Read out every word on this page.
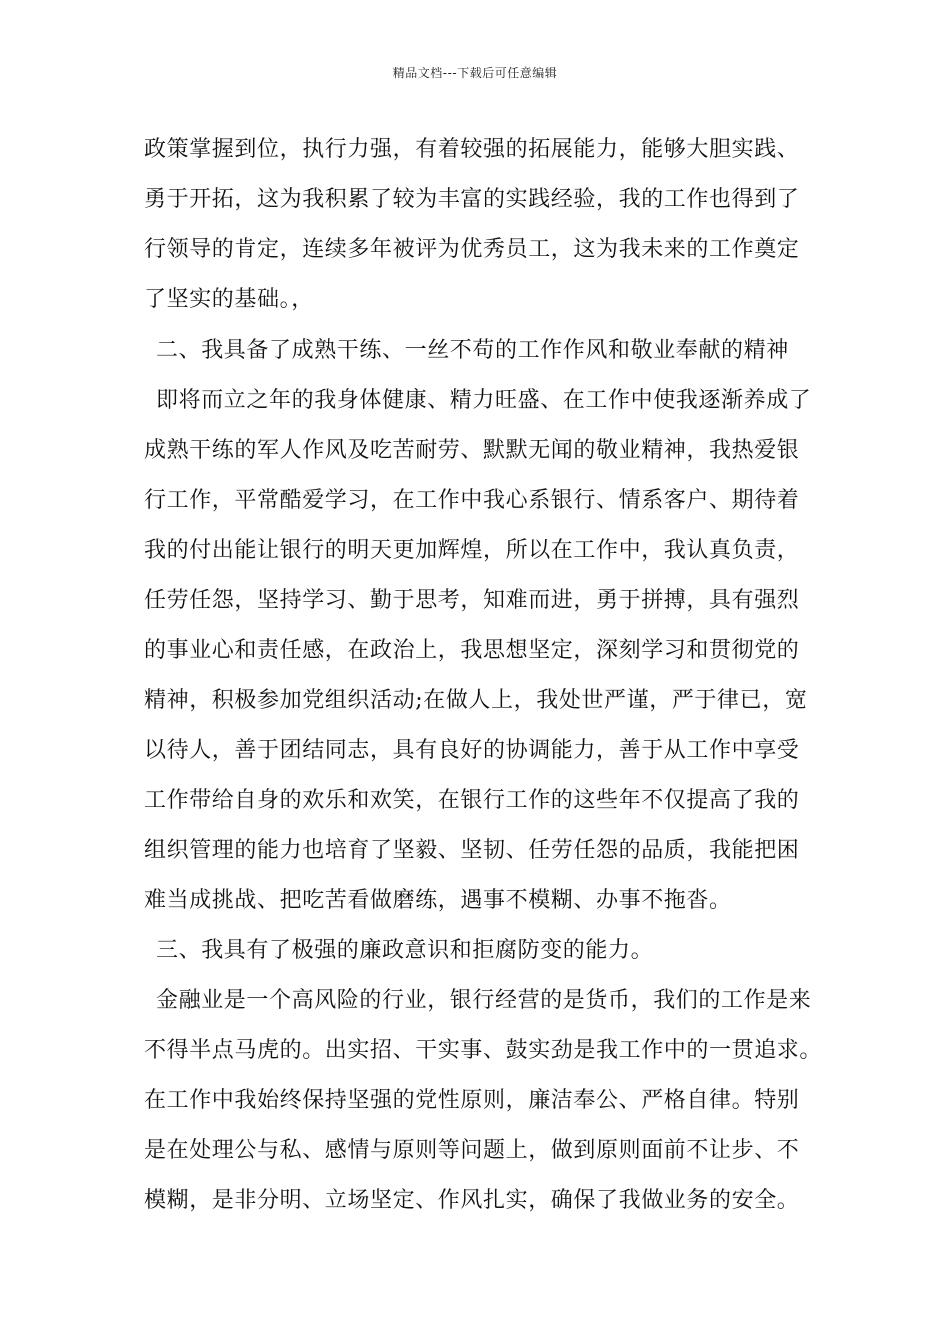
精品文档---下载后可任意编辑
政策掌握到位，执行力强，有着较强的拓展能力，能够大胆实践、
勇于开拓，这为我积累了较为丰富的实践经验，我的工作也得到了
行领导的肯定，连续多年被评为优秀员工，这为我未来的工作奠定
了坚实的基础。，
二、我具备了成熟干练、一丝不苟的工作作风和敬业奉献的精神
即将而立之年的我身体健康、精力旺盛、在工作中使我逐渐养成了
成熟干练的军人作风及吃苦耐劳、默默无闻的敬业精神，我热爱银
行工作，平常酷爱学习，在工作中我心系银行、情系客户、期待着
我的付出能让银行的明天更加辉煌，所以在工作中，我认真负责，
任劳任怨，坚持学习、勤于思考，知难而进，勇于拼搏，具有强烈
的事业心和责任感，在政治上，我思想坚定，深刻学习和贯彻党的
精神，积极参加党组织活动;在做人上，我处世严谨，严于律已，宽
以待人，善于团结同志，具有良好的协调能力，善于从工作中享受
工作带给自身的欢乐和欢笑，在银行工作的这些年不仅提高了我的
组织管理的能力也培育了坚毅、坚韧、任劳任怨的品质，我能把困
难当成挑战、把吃苦看做磨练，遇事不模糊、办事不拖沓。
三、我具有了极强的廉政意识和拒腐防变的能力。
金融业是一个高风险的行业，银行经营的是货币，我们的工作是来
不得半点马虎的。出实招、干实事、鼓实劲是我工作中的一贯追求。
在工作中我始终保持坚强的党性原则，廉洁奉公、严格自律。特别
是在处理公与私、感情与原则等问题上，做到原则面前不让步、不
模糊，是非分明、立场坚定、作风扎实，确保了我做业务的安全。
